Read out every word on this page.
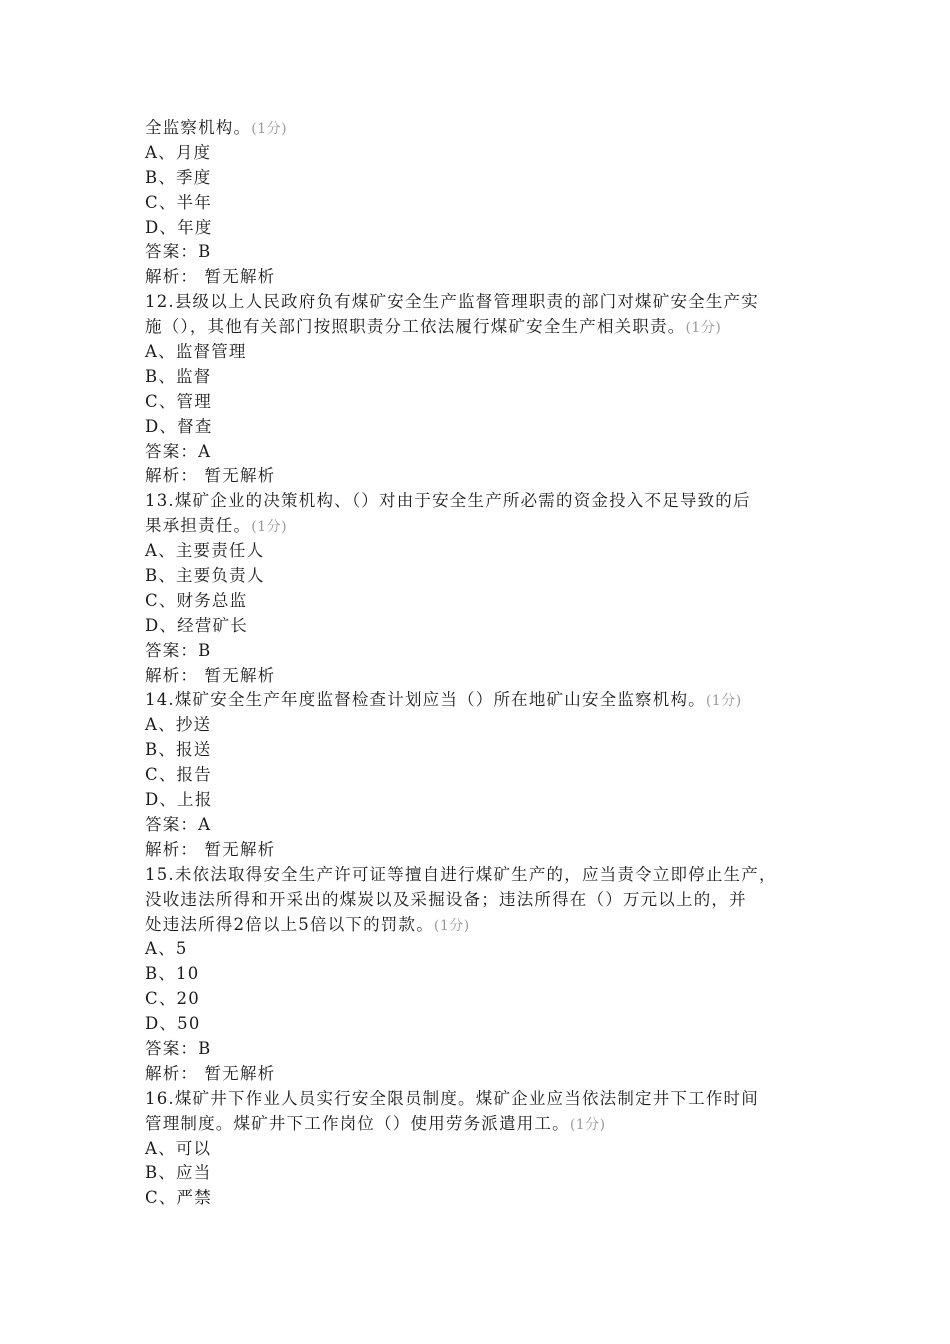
全监察机构。(1分)
A、月度
B、季度
C、半年
D、年度
答案：B
解析： 暂无解析
12.县级以上人民政府负有煤矿安全生产监督管理职责的部门对煤矿安全生产实
施（），其他有关部门按照职责分工依法履行煤矿安全生产相关职责。(1分)
A、监督管理
B、监督
C、管理
D、督查
答案：A
解析： 暂无解析
13.煤矿企业的决策机构、（）对由于安全生产所必需的资金投入不足导致的后
果承担责任。(1分)
A、主要责任人
B、主要负责人
C、财务总监
D、经营矿长
答案：B
解析： 暂无解析
14.煤矿安全生产年度监督检查计划应当（）所在地矿山安全监察机构。(1分)
A、抄送
B、报送
C、报告
D、上报
答案：A
解析： 暂无解析
15.未依法取得安全生产许可证等擅自进行煤矿生产的，应当责令立即停止生产，
没收违法所得和开采出的煤炭以及采掘设备；违法所得在（）万元以上的，并
处违法所得2倍以上5倍以下的罚款。(1分)
A、5
B、10
C、20
D、50
答案：B
解析： 暂无解析
16.煤矿井下作业人员实行安全限员制度。煤矿企业应当依法制定井下工作时间
管理制度。煤矿井下工作岗位（）使用劳务派遣用工。(1分)
A、可以
B、应当
C、严禁
